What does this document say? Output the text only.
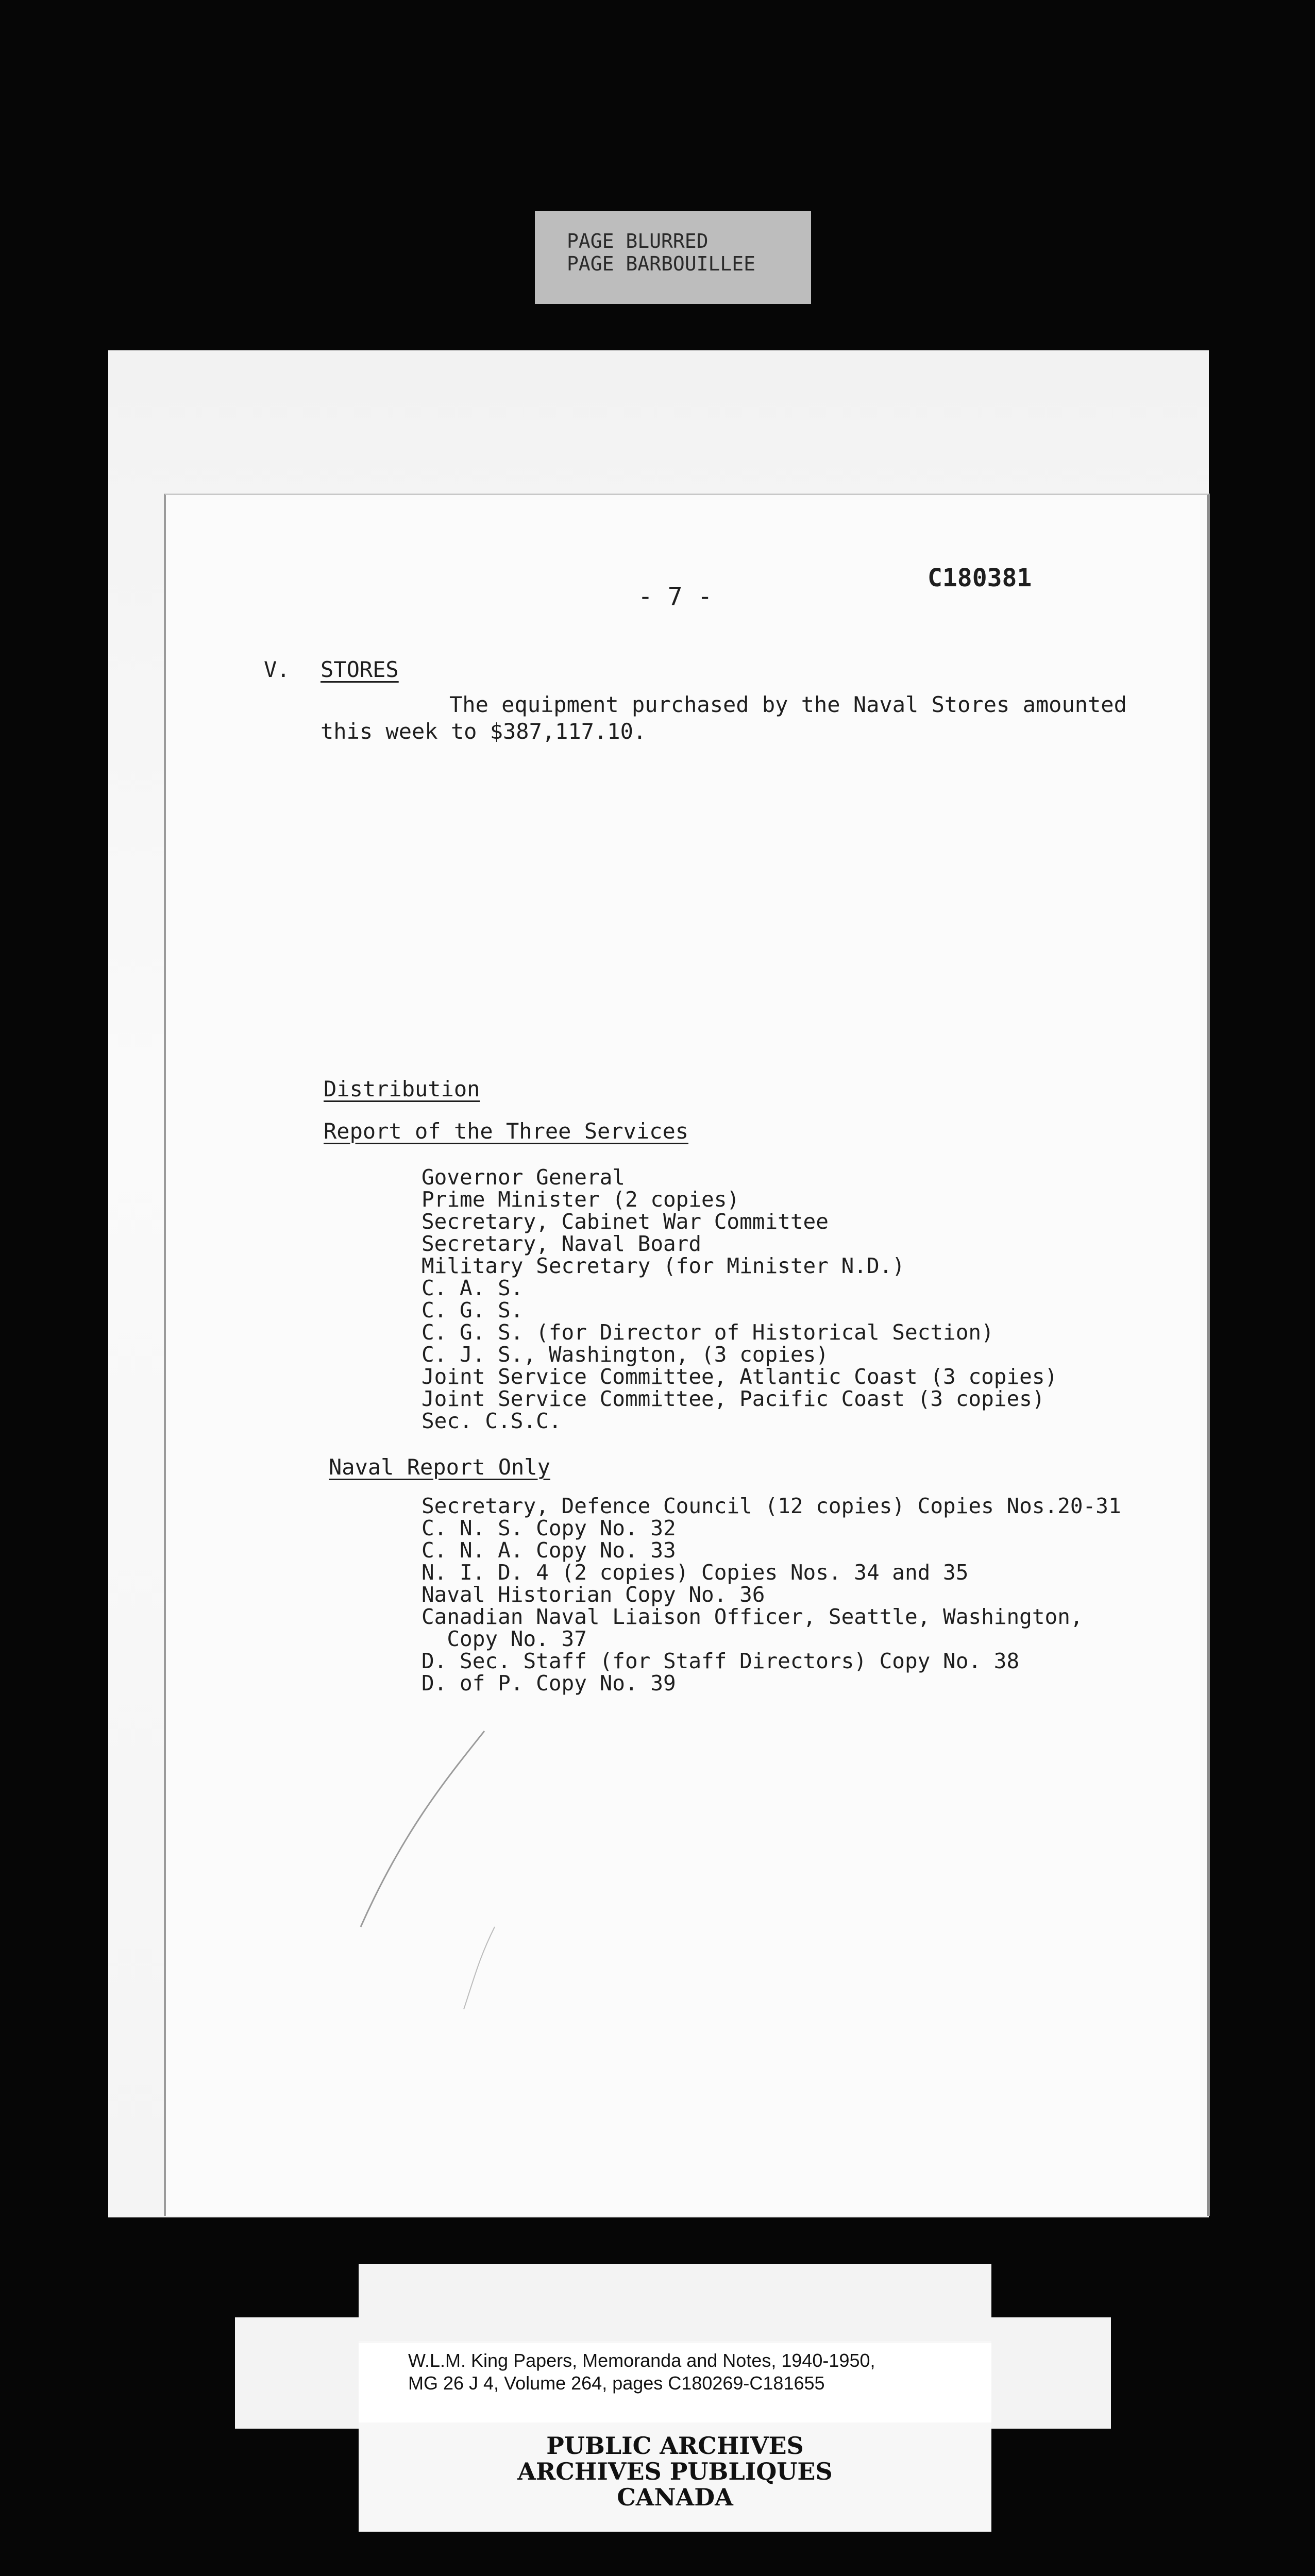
PAGE BLURRED
PAGE BARBOUILLEE
- 7 -
C180381
V. STORES
The equipment purchased by the Naval Stores amounted
this week to $387,117.10.
Distribution
Report of the Three Services
Governor General
Prime Minister (2 copies)
Secretary, Cabinet War Committee
Secretary, Naval Board
Military Secretary (for Minister N.D.)
C. A. S.
C. G. S.
C. G. S. (for Director of Historical Section)
C. J. S., Washington, (3 copies)
Joint Service Committee, Atlantic Coast (3 copies)
Joint Service Committee, Pacific Coast (3 copies)
Sec. C.S.C.
Naval Report Only
Secretary, Defence Council (12 copies) Copies Nos.20-31
C. N. S. Copy No. 32
C. N. A. Copy No. 33
N. I. D. 4 (2 copies) Copies Nos. 34 and 35
Naval Historian Copy No. 36
Canadian Naval Liaison Officer, Seattle, Washington,
Copy No. 37
D. Sec. Staff (for Staff Directors) Copy No. 38
D. of P. Copy No. 39
W.L.M. King Papers, Memoranda and Notes, 1940-1950,
MG 26 J 4, Volume 264, pages C180269-C181655
PUBLIC ARCHIVES
ARCHIVES PUBLIQUES
CANADA
